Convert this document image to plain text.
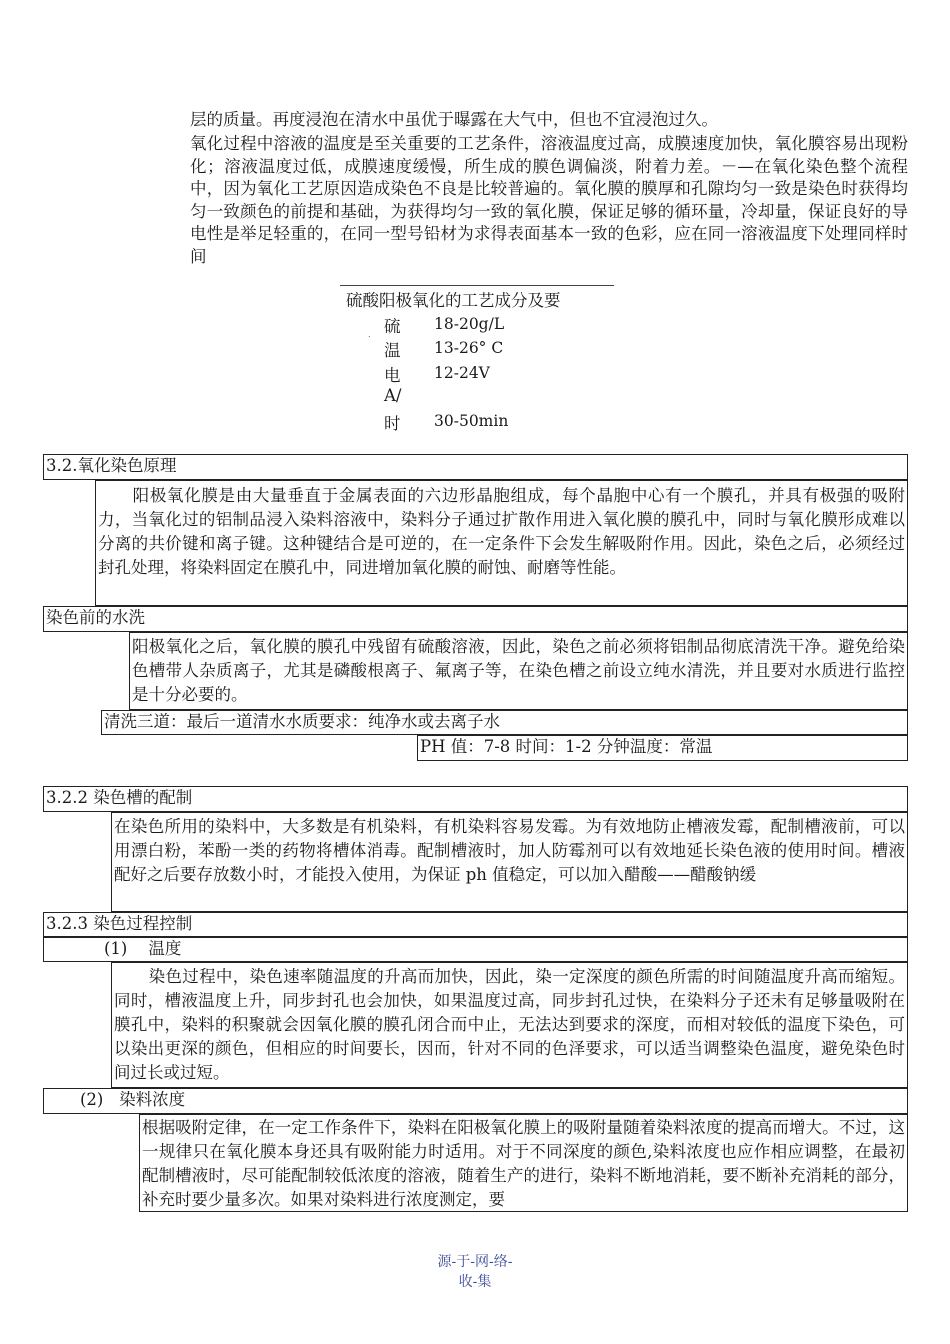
层的质量。再度浸泡在清水中虽优于曝露在大气中，但也不宜浸泡过久。

氧化过程中溶液的温度是至关重要的工艺条件，溶液温度过高，成膜速度加快，氧化膜容易出现粉化；溶液温度过低，成膜速度缓慢，所生成的膜色调偏淡，附着力差。－—在氧化染色整个流程中，因为氧化工艺原因造成染色不良是比较普遍的。氧化膜的膜厚和孔隙均匀一致是染色时获得均匀一致颜色的前提和基础，为获得均匀一致的氧化膜，保证足够的循环量，冷却量，保证良好的导电性是举足轻重的，在同一型号铅材为求得表面基本一致的色彩，应在同一溶液温度下处理同样时间

硫酸阳极氧化的工艺成分及要
. 硫 18-20g/L
温 13-26° C
电 12-24V
A/
时 30-50min
3.2.氧化染色原理
阳极氧化膜是由大量垂直于金属表面的六边形晶胞组成，每个晶胞中心有一个膜孔，并具有极强的吸附力，当氧化过的铝制品浸入染料溶液中，染料分子通过扩散作用进入氧化膜的膜孔中，同时与氧化膜形成难以分离的共价键和离子键。这种键结合是可逆的，在一定条件下会发生解吸附作用。因此，染色之后，必须经过封孔处理，将染料固定在膜孔中，同进增加氧化膜的耐蚀、耐磨等性能。
染色前的水洗
阳极氧化之后，氧化膜的膜孔中残留有硫酸溶液，因此，染色之前必须将铝制品彻底清洗干净。避免给染色槽带人杂质离子，尤其是磷酸根离子、氟离子等，在染色槽之前设立纯水清洗，并且要对水质进行监控是十分必要的。
清洗三道：最后一道清水水质要求：纯净水或去离子水
PH 值：7-8 时间：1-2 分钟温度：常温
3.2.2 染色槽的配制
在染色所用的染料中，大多数是有机染料，有机染料容易发霉。为有效地防止槽液发霉，配制槽液前，可以用漂白粉，苯酚一类的药物将槽体消毒。配制槽液时，加人防霉剂可以有效地延长染色液的使用时间。槽液配好之后要存放数小时，才能投入使用，为保证 ph 值稳定，可以加入醋酸——醋酸钠缓
3.2.3 染色过程控制
(1)    温度
染色过程中，染色速率随温度的升高而加快，因此，染一定深度的颜色所需的时间随温度升高而缩短。同时，槽液温度上升，同步封孔也会加快，如果温度过高，同步封孔过快，在染料分子还未有足够量吸附在膜孔中，染料的积聚就会因氧化膜的膜孔闭合而中止，无法达到要求的深度，而相对较低的温度下染色，可以染出更深的颜色，但相应的时间要长，因而，针对不同的色泽要求，可以适当调整染色温度，避免染色时间过长或过短。
(2)   染料浓度
根据吸附定律，在一定工作条件下，染料在阳极氧化膜上的吸附量随着染料浓度的提高而增大。不过，这一规律只在氧化膜本身还具有吸附能力时适用。对于不同深度的颜色,染料浓度也应作相应调整，在最初配制槽液时，尽可能配制较低浓度的溶液，随着生产的进行，染料不断地消耗，要不断补充消耗的部分，补充时要少量多次。如果对染料进行浓度测定，要
源-于-网-络-
收-集
